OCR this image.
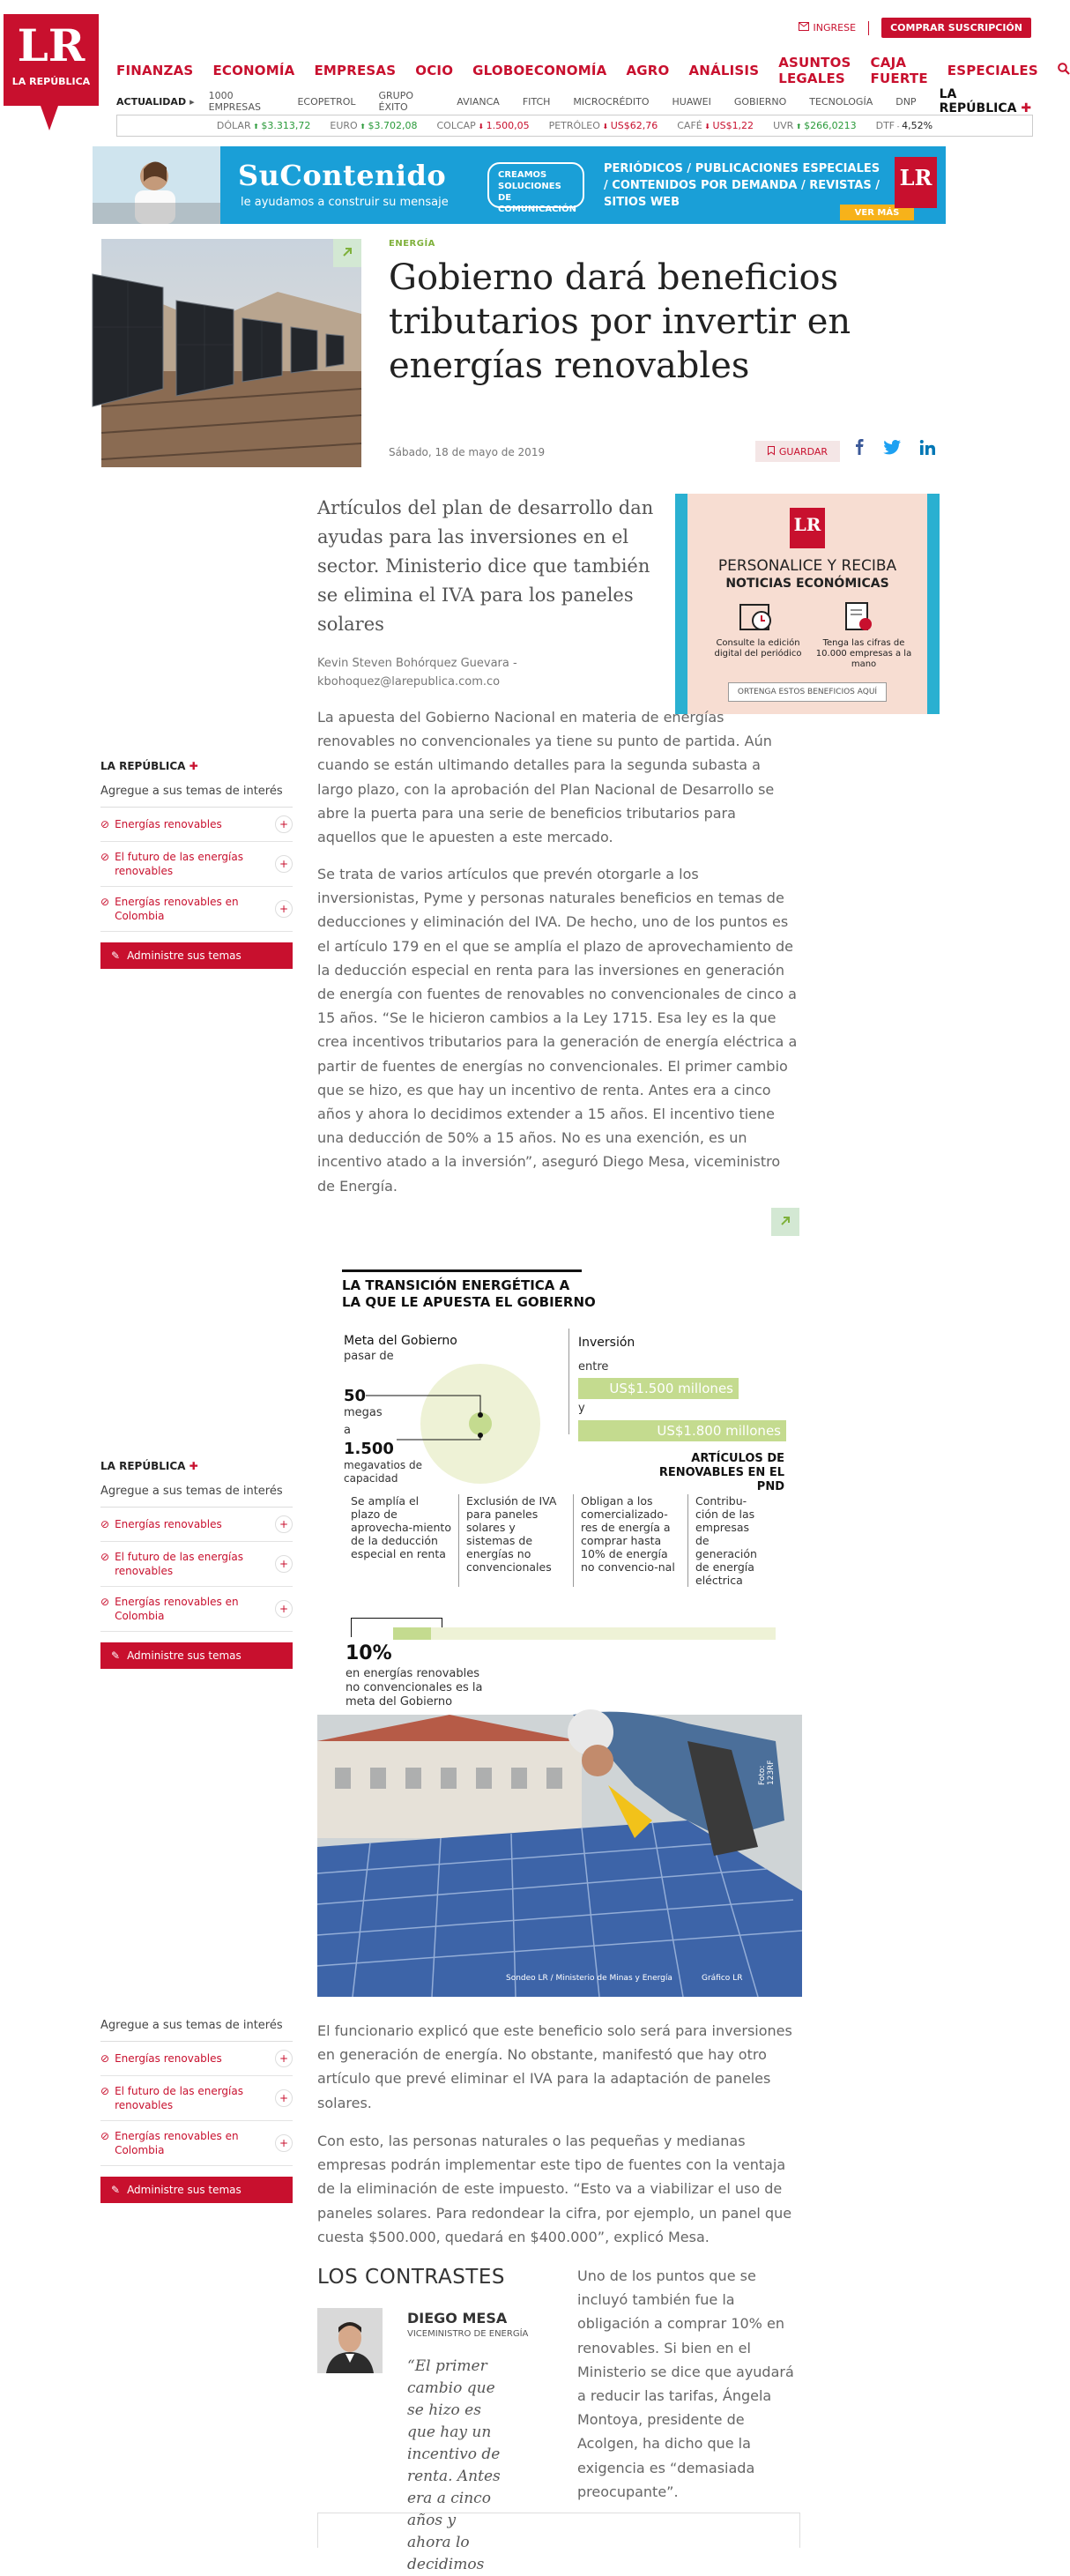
LR
LA REPÚBLICA
INGRESE	COMPRAR SUSCRIPCIÓN
FINANZAS ECONOMÍA EMPRESAS OCIO GLOBOECONOMÍA AGRO ANÁLISIS ASUNTOS LEGALES
CAJA FUERTE ESPECIALES
ACTUALIDAD ▸ 1000 EMPRESAS	ECOPETROL GRUPO ÉXITO	AVIANCA FITCH MICROCRÉDITO HUAWEI GOBIERNO TECNOLOGÍA DNP LA REPÚBLICA ✚
DÓLAR ⬆ $3.313,72 EURO ⬆ $3.702,08 COLCAP ⬇ 1.500,05 PETRÓLEO ⬇ US$62,76 CAFÉ ⬇ US$1,22 UVR ⬆ $266,0213 DTF - 4,52%
SuContenido
le ayudamos a construir su mensaje
CREAMOS SOLUCIONES DE COMUNICACIÓN
PERIÓDICOS / PUBLICACIONES ESPECIALES / CONTENIDOS POR DEMANDA / REVISTAS / SITIOS WEB
VER MÁS
LR
ENERGÍA
Gobierno dará beneficios tributarios por invertir en energías renovables
Sábado, 18 de mayo de 2019	GUARDAR
Artículos del plan de desarrollo dan ayudas para las inversiones en el sector. Ministerio dice que también se elimina el IVA para los paneles solares
Kevin Steven Bohórquez Guevara - kbohoquez@larepublica.com.co
LR
PERSONALICE Y RECIBA
NOTICIAS ECONÓMICAS
Consulte la edición digital del periódico
Tenga las cifras de 10.000 empresas a la mano
ORTENGA ESTOS BENEFICIOS AQUÍ

La apuesta del Gobierno Nacional en materia de energías renovables no convencionales ya tiene su punto de partida. Aún cuando se están ultimando detalles para la segunda subasta a largo plazo, con la aprobación del Plan Nacional de Desarrollo se abre la puerta para una serie de beneficios tributarios para aquellos que le apuesten a este mercado.

Se trata de varios artículos que prevén otorgarle a los inversionistas, Pyme y personas naturales beneficios en temas de deducciones y eliminación del IVA. De hecho, uno de los puntos es el artículo 179 en el que se amplía el plazo de aprovechamiento de la deducción especial en renta para las inversiones en generación de energía con fuentes de renovables no convencionales de cinco a 15 años. “Se le hicieron cambios a la Ley 1715. Esa ley es la que crea incentivos tributarios para la generación de energía eléctrica a partir de fuentes de energías no convencionales. El primer cambio que se hizo, es que hay un incentivo de renta. Antes era a cinco años y ahora lo decidimos extender a 15 años. El incentivo tiene una deducción de 50% a 15 años. No es una exención, es un incentivo atado a la inversión”, aseguró Diego Mesa, viceministro de Energía.

LA REPÚBLICA ✚
Agregue a sus temas de interés
⊘ Energías renovables	+
⊘ El futuro de las energías renovables
+
⊘ Energías renovables en Colombia
+
✎ Administre sus temas
LA REPÚBLICA ✚
Agregue a sus temas de interés
⊘ Energías renovables	+
⊘ El futuro de las energías renovables
+
⊘ Energías renovables en Colombia
+
✎ Administre sus temas
Agregue a sus temas de interés
⊘ Energías renovables	+
⊘ El futuro de las energías renovables
+
⊘ Energías renovables en Colombia
+
✎ Administre sus temas
LA TRANSICIÓN ENERGÉTICA A
LA QUE LE APUESTA EL GOBIERNO
Meta del Gobierno
pasar de
50
megas
a
1.500
megavatios de capacidad
Inversión
entre
US$1.500 millones
y
US$1.800 millones
ARTÍCULOS DE RENOVABLES EN EL PND
Se amplía el plazo de aprovecha-miento de la deducción especial en renta
Exclusión de IVA para paneles solares y sistemas de energías no convencionales
Obligan a los comercializado-res de energía a comprar hasta 10% de energía no convencio-nal
Contribu-ción de las empresas de generación de energía eléctrica
10%
en energías renovables no convencionales es la meta del Gobierno
Sondeo LR / Ministerio de Minas y Energía	Gráfico LR
Foto: 123RF

El funcionario explicó que este beneficio solo será para inversiones en generación de energía. No obstante, manifestó que hay otro artículo que prevé eliminar el IVA para la adaptación de paneles solares.

Con esto, las personas naturales o las pequeñas y medianas empresas podrán implementar este tipo de fuentes con la ventaja de la eliminación de este impuesto. “Esto va a viabilizar el uso de paneles solares. Para redondear la cifra, por ejemplo, un panel que cuesta $500.000, quedará en $400.000”, explicó Mesa.

LOS CONTRASTES
DIEGO MESA
VICEMINISTRO DE ENERGÍA
“El primer cambio que se hizo es que hay un incentivo de renta. Antes era a cinco años y ahora lo decidimos

Uno de los puntos que se incluyó también fue la obligación a comprar 10% en renovables. Si bien en el Ministerio se dice que ayudará a reducir las tarifas, Ángela Montoya, presidente de Acolgen, ha dicho que la exigencia es “demasiada preocupante”.
